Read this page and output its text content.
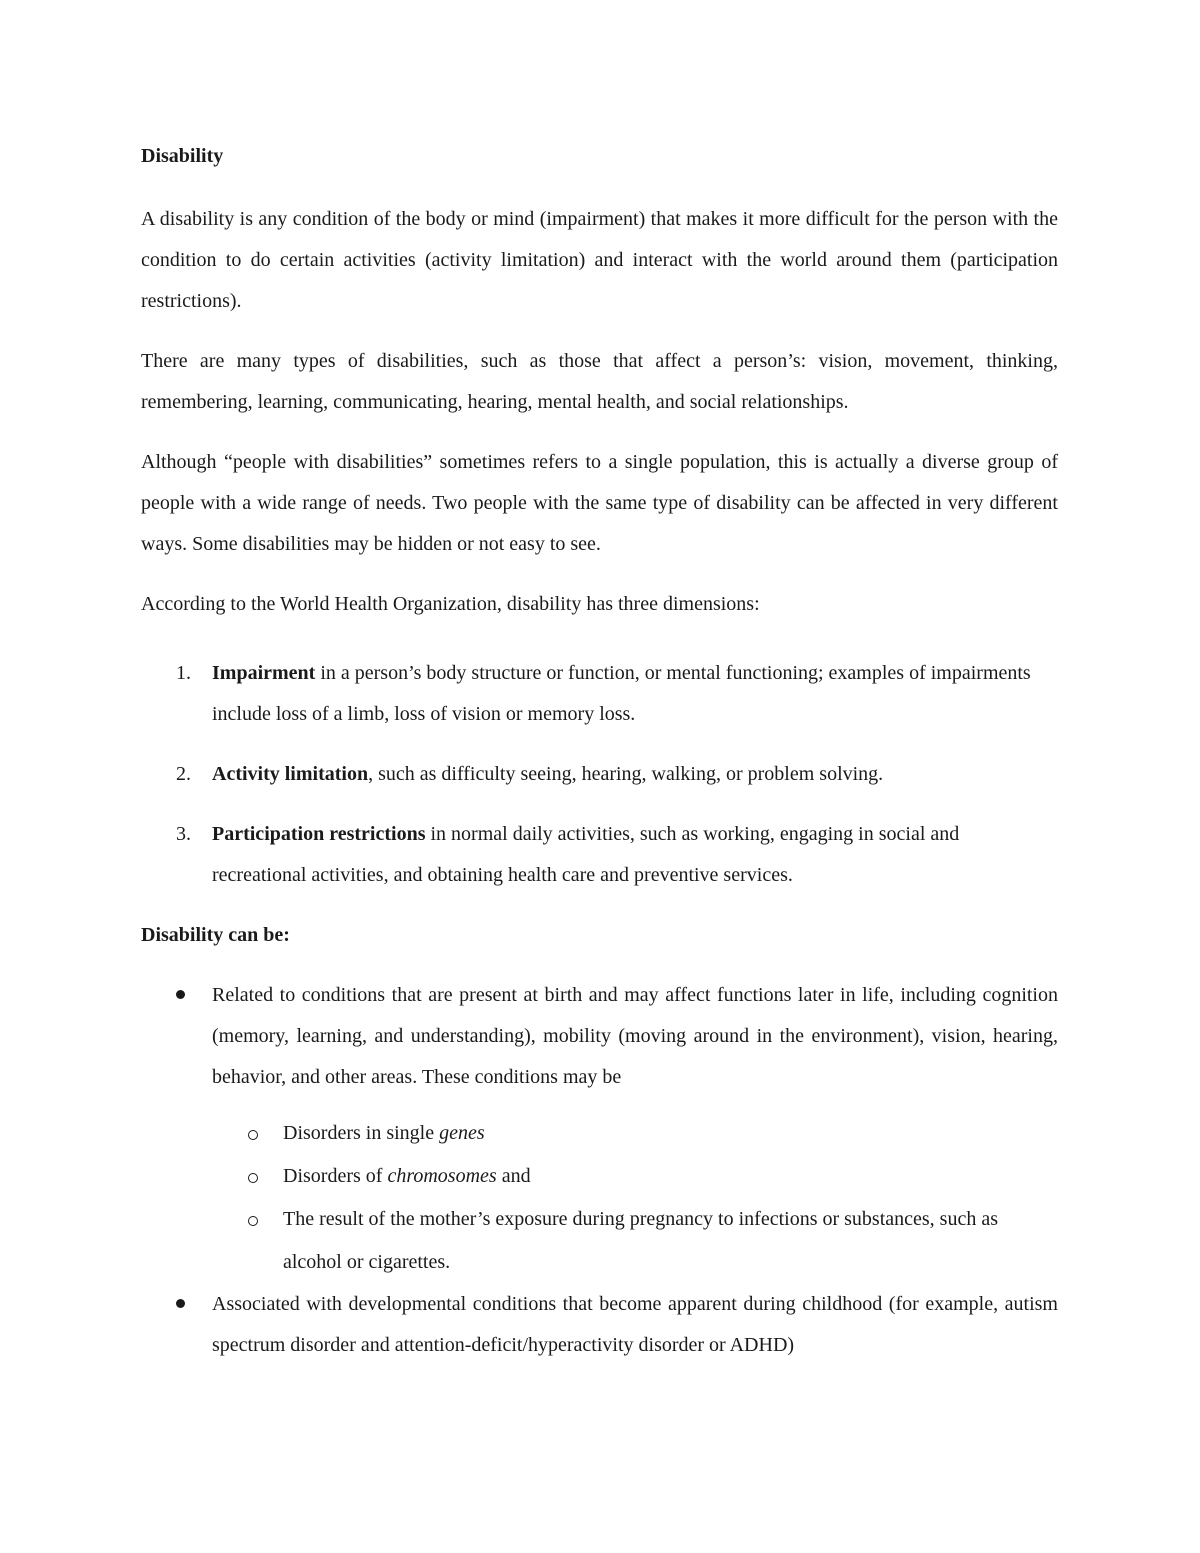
Disability

A disability is any condition of the body or mind (impairment) that makes it more difficult for the person with the condition to do certain activities (activity limitation) and interact with the world around them (participation restrictions).

There are many types of disabilities, such as those that affect a person’s: vision, movement, thinking, remembering, learning, communicating, hearing, mental health, and social relationships.

Although “people with disabilities” sometimes refers to a single population, this is actually a diverse group of people with a wide range of needs. Two people with the same type of disability can be affected in very different ways. Some disabilities may be hidden or not easy to see.

According to the World Health Organization, disability has three dimensions:

1. Impairment in a person’s body structure or function, or mental functioning; examples of impairments include loss of a limb, loss of vision or memory loss.
2. Activity limitation, such as difficulty seeing, hearing, walking, or problem solving.
3. Participation restrictions in normal daily activities, such as working, engaging in social and recreational activities, and obtaining health care and preventive services.
Disability can be:
Related to conditions that are present at birth and may affect functions later in life, including cognition (memory, learning, and understanding), mobility (moving around in the environment), vision, hearing, behavior, and other areas. These conditions may be
Disorders in single genes
Disorders of chromosomes and
The result of the mother’s exposure during pregnancy to infections or substances, such as alcohol or cigarettes.
Associated with developmental conditions that become apparent during childhood (for example, autism spectrum disorder and attention-deficit/hyperactivity disorder or ADHD)
